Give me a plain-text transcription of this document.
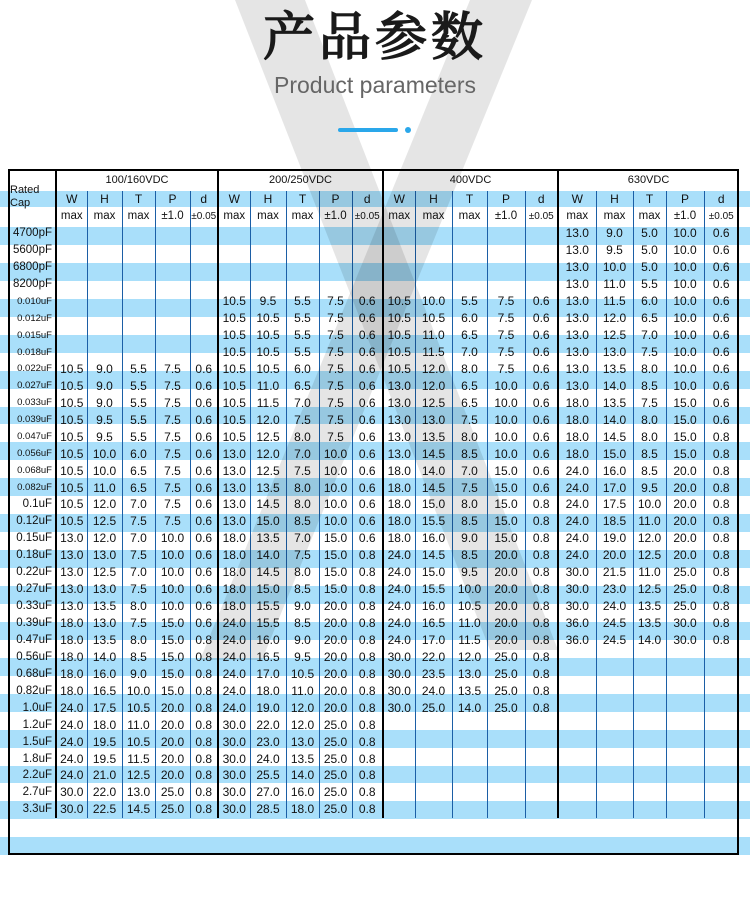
产品参数
Product parameters
Rated Cap	100/160VDC					200/250VDC					400VDC					630VDC				
	W	H	T	P	d	W	H	T	P	d	W	H	T	P	d	W	H	T	P	d
	max	max	max	±1.0	±0.05	max	max	max	±1.0	±0.05	max	max	max	±1.0	±0.05	max	max	max	±1.0	±0.05
4700pF																13.0	9.0	5.0	10.0	0.6
5600pF																13.0	9.5	5.0	10.0	0.6
6800pF																13.0	10.0	5.0	10.0	0.6
8200pF																13.0	11.0	5.5	10.0	0.6
0.010uF						10.5	9.5	5.5	7.5	0.6	10.5	10.0	5.5	7.5	0.6	13.0	11.5	6.0	10.0	0.6
0.012uF						10.5	10.5	5.5	7.5	0.6	10.5	10.5	6.0	7.5	0.6	13.0	12.0	6.5	10.0	0.6
0.015uF						10.5	10.5	5.5	7.5	0.6	10.5	11.0	6.5	7.5	0.6	13.0	12.5	7.0	10.0	0.6
0.018uF						10.5	10.5	5.5	7.5	0.6	10.5	11.5	7.0	7.5	0.6	13.0	13.0	7.5	10.0	0.6
0.022uF	10.5	9.0	5.5	7.5	0.6	10.5	10.5	6.0	7.5	0.6	10.5	12.0	8.0	7.5	0.6	13.0	13.5	8.0	10.0	0.6
0.027uF	10.5	9.0	5.5	7.5	0.6	10.5	11.0	6.5	7.5	0.6	13.0	12.0	6.5	10.0	0.6	13.0	14.0	8.5	10.0	0.6
0.033uF	10.5	9.0	5.5	7.5	0.6	10.5	11.5	7.0	7.5	0.6	13.0	12.5	6.5	10.0	0.6	18.0	13.5	7.5	15.0	0.6
0.039uF	10.5	9.5	5.5	7.5	0.6	10.5	12.0	7.5	7.5	0.6	13.0	13.0	7.5	10.0	0.6	18.0	14.0	8.0	15.0	0.6
0.047uF	10.5	9.5	5.5	7.5	0.6	10.5	12.5	8.0	7.5	0.6	13.0	13.5	8.0	10.0	0.6	18.0	14.5	8.0	15.0	0.8
0.056uF	10.5	10.0	6.0	7.5	0.6	13.0	12.0	7.0	10.0	0.6	13.0	14.5	8.5	10.0	0.6	18.0	15.0	8.5	15.0	0.8
0.068uF	10.5	10.0	6.5	7.5	0.6	13.0	12.5	7.5	10.0	0.6	18.0	14.0	7.0	15.0	0.6	24.0	16.0	8.5	20.0	0.8
0.082uF	10.5	11.0	6.5	7.5	0.6	13.0	13.5	8.0	10.0	0.6	18.0	14.5	7.5	15.0	0.6	24.0	17.0	9.5	20.0	0.8
0.1uF	10.5	12.0	7.0	7.5	0.6	13.0	14.5	8.0	10.0	0.6	18.0	15.0	8.0	15.0	0.8	24.0	17.5	10.0	20.0	0.8
0.12uF	10.5	12.5	7.5	7.5	0.6	13.0	15.0	8.5	10.0	0.6	18.0	15.5	8.5	15.0	0.8	24.0	18.5	11.0	20.0	0.8
0.15uF	13.0	12.0	7.0	10.0	0.6	18.0	13.5	7.0	15.0	0.6	18.0	16.0	9.0	15.0	0.8	24.0	19.0	12.0	20.0	0.8
0.18uF	13.0	13.0	7.5	10.0	0.6	18.0	14.0	7.5	15.0	0.8	24.0	14.5	8.5	20.0	0.8	24.0	20.0	12.5	20.0	0.8
0.22uF	13.0	12.5	7.0	10.0	0.6	18.0	14.5	8.0	15.0	0.8	24.0	15.0	9.5	20.0	0.8	30.0	21.5	11.0	25.0	0.8
0.27uF	13.0	13.0	7.5	10.0	0.6	18.0	15.0	8.5	15.0	0.8	24.0	15.5	10.0	20.0	0.8	30.0	23.0	12.5	25.0	0.8
0.33uF	13.0	13.5	8.0	10.0	0.6	18.0	15.5	9.0	20.0	0.8	24.0	16.0	10.5	20.0	0.8	30.0	24.0	13.5	25.0	0.8
0.39uF	18.0	13.0	7.5	15.0	0.6	24.0	15.5	8.5	20.0	0.8	24.0	16.5	11.0	20.0	0.8	36.0	24.5	13.5	30.0	0.8
0.47uF	18.0	13.5	8.0	15.0	0.8	24.0	16.0	9.0	20.0	0.8	24.0	17.0	11.5	20.0	0.8	36.0	24.5	14.0	30.0	0.8
0.56uF	18.0	14.0	8.5	15.0	0.8	24.0	16.5	9.5	20.0	0.8	30.0	22.0	12.0	25.0	0.8					
0.68uF	18.0	16.0	9.0	15.0	0.8	24.0	17.0	10.5	20.0	0.8	30.0	23.5	13.0	25.0	0.8					
0.82uF	18.0	16.5	10.0	15.0	0.8	24.0	18.0	11.0	20.0	0.8	30.0	24.0	13.5	25.0	0.8					
1.0uF	24.0	17.5	10.5	20.0	0.8	24.0	19.0	12.0	20.0	0.8	30.0	25.0	14.0	25.0	0.8					
1.2uF	24.0	18.0	11.0	20.0	0.8	30.0	22.0	12.0	25.0	0.8										
1.5uF	24.0	19.5	10.5	20.0	0.8	30.0	23.0	13.0	25.0	0.8										
1.8uF	24.0	19.5	11.5	20.0	0.8	30.0	24.0	13.5	25.0	0.8										
2.2uF	24.0	21.0	12.5	20.0	0.8	30.0	25.5	14.0	25.0	0.8										
2.7uF	30.0	22.0	13.0	25.0	0.8	30.0	27.0	16.0	25.0	0.8										
3.3uF	30.0	22.5	14.5	25.0	0.8	30.0	28.5	18.0	25.0	0.8										
